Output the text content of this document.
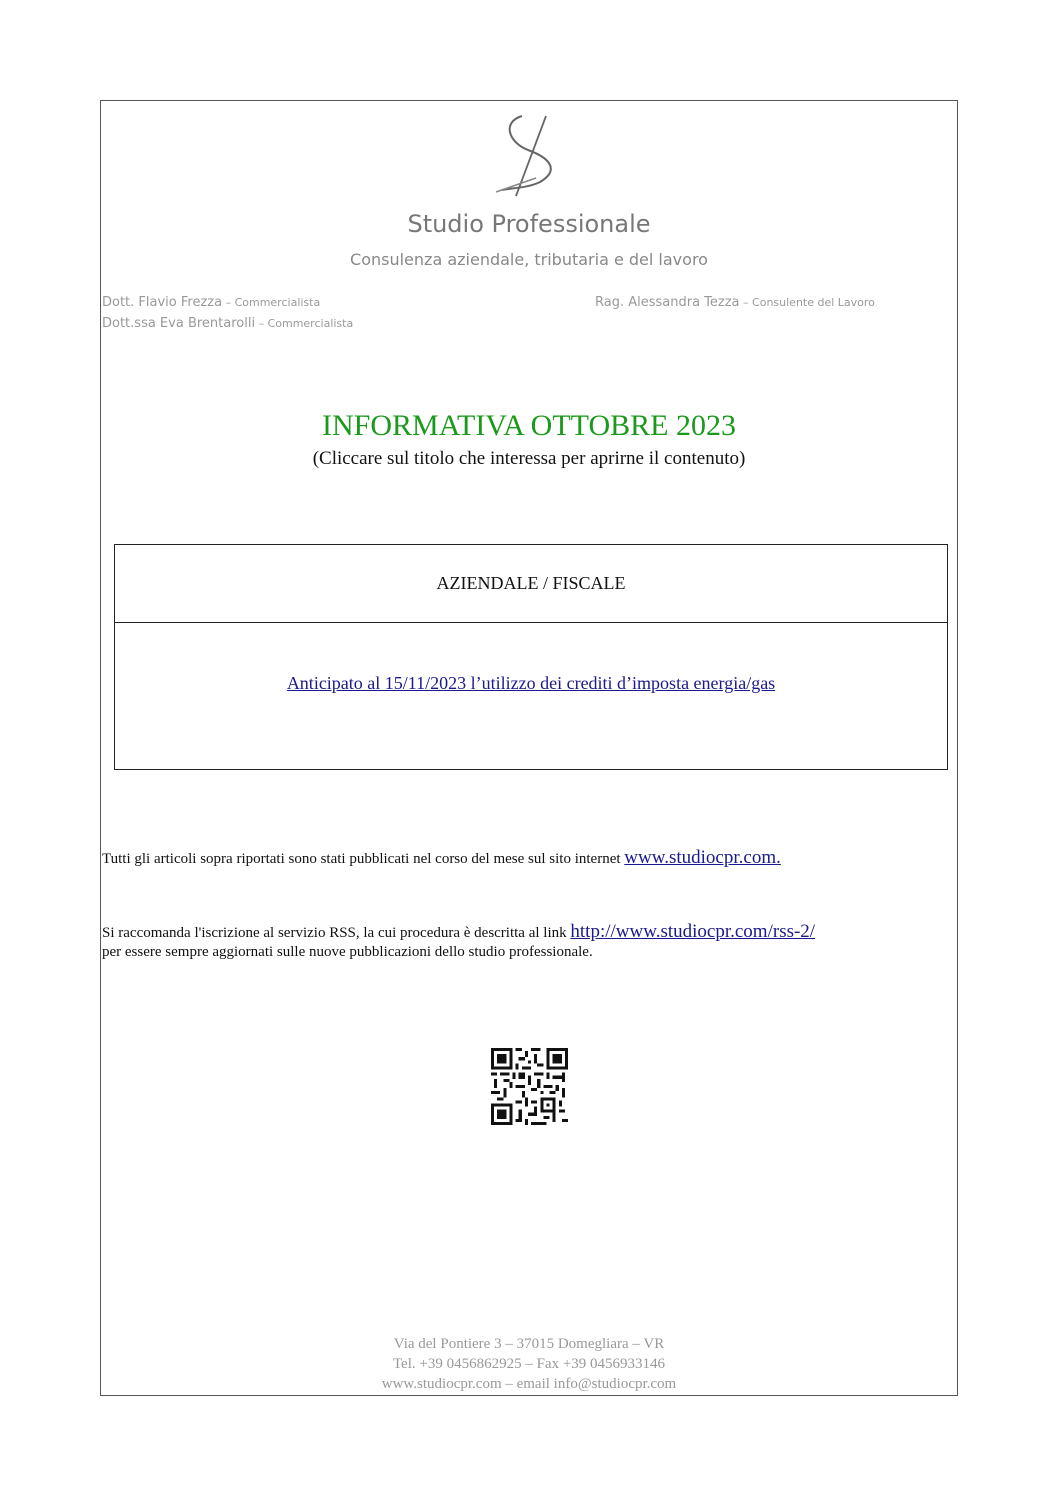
Studio Professionale
Consulenza aziendale, tributaria e del lavoro
Dott. Flavio Frezza – Commercialista
Dott.ssa Eva Brentarolli – Commercialista
Rag. Alessandra Tezza – Consulente del Lavoro
INFORMATIVA OTTOBRE 2023
(Cliccare sul titolo che interessa per aprirne il contenuto)
AZIENDALE / FISCALE
Anticipato al 15/11/2023 l’utilizzo dei crediti d’imposta energia/gas
Tutti gli articoli sopra riportati sono stati pubblicati nel corso del mese sul sito internet www.studiocpr.com.
Si raccomanda l'iscrizione al servizio RSS, la cui procedura è descritta al link http://www.studiocpr.com/rss-2/
per essere sempre aggiornati sulle nuove pubblicazioni dello studio professionale.
Via del Pontiere 3 – 37015 Domegliara – VR
Tel. +39 0456862925 – Fax +39 0456933146
www.studiocpr.com – email info@studiocpr.com
